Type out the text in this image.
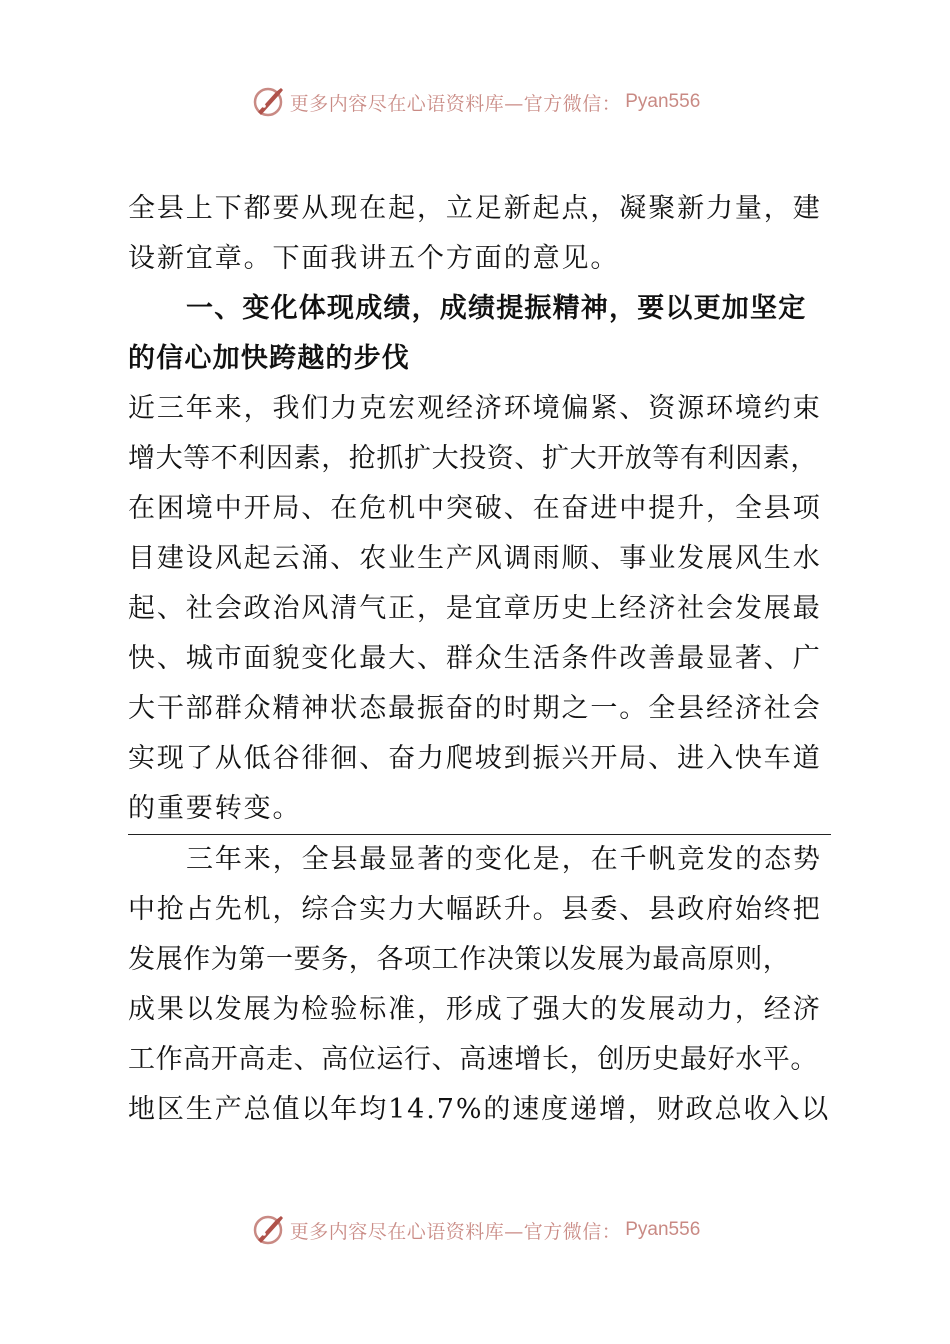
更多内容尽在心语资料库—官方微信： Pyan556
全县上下都要从现在起，立足新起点，凝聚新力量，建
设新宜章。下面我讲五个方面的意见。
一、变化体现成绩，成绩提振精神，要以更加坚定
的信心加快跨越的步伐
近三年来，我们力克宏观经济环境偏紧、资源环境约束
增大等不利因素，抢抓扩大投资、扩大开放等有利因素，
在困境中开局、在危机中突破、在奋进中提升，全县项
目建设风起云涌、农业生产风调雨顺、事业发展风生水
起、社会政治风清气正，是宜章历史上经济社会发展最
快、城市面貌变化最大、群众生活条件改善最显著、广
大干部群众精神状态最振奋的时期之一。全县经济社会
实现了从低谷徘徊、奋力爬坡到振兴开局、进入快车道
的重要转变。
三年来，全县最显著的变化是，在千帆竞发的态势
中抢占先机，综合实力大幅跃升。县委、县政府始终把
发展作为第一要务，各项工作决策以发展为最高原则，
成果以发展为检验标准，形成了强大的发展动力，经济
工作高开高走、高位运行、高速增长，创历史最好水平。
地区生产总值以年均14.7%的速度递增，财政总收入以
更多内容尽在心语资料库—官方微信： Pyan556
